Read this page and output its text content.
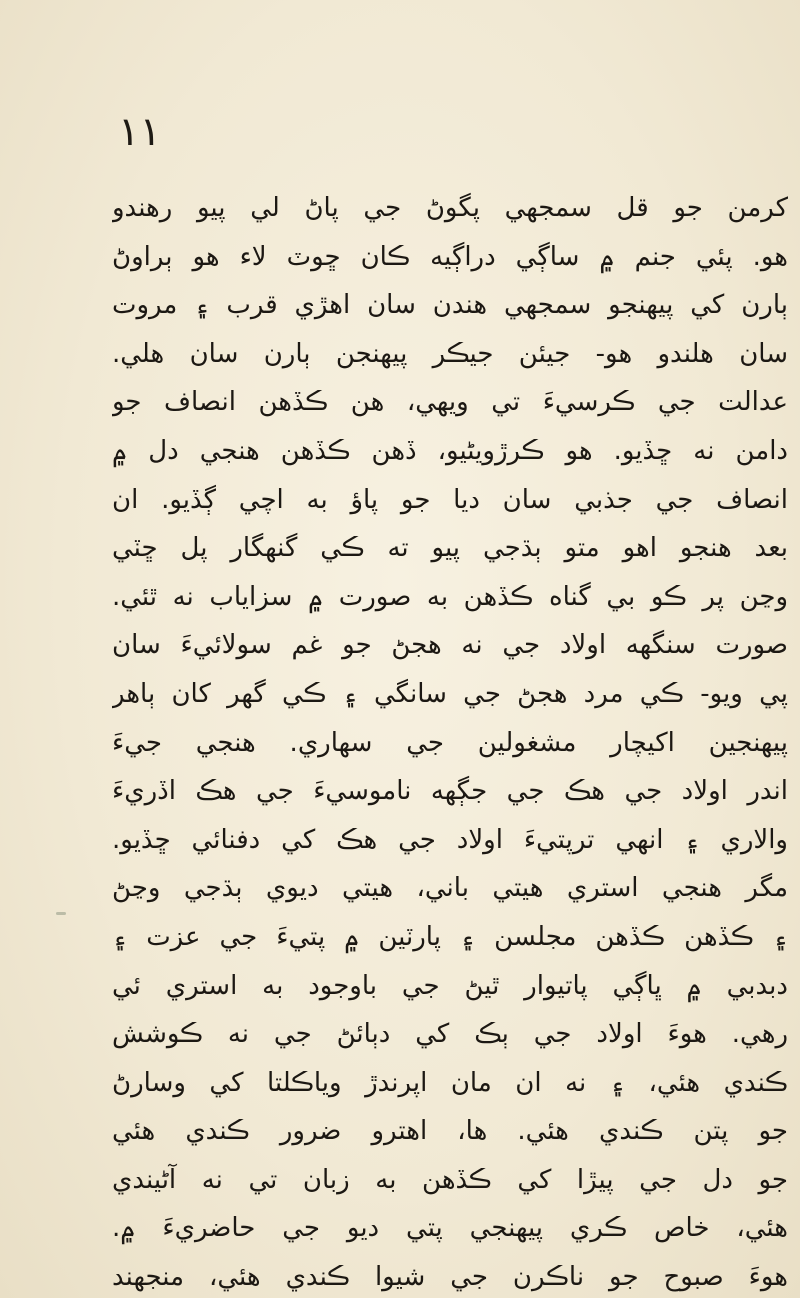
۱۱
کرمن جو قل سمجهي پگوڻ جي پاڻ لي پيو رهندو
هو. پئي جنم ۾ ساڳي دراڳيه ڪان ڇوٽ لاء هو ٻراوڻ
ٻارن کي پيهنجو سمجهي هندن سان اهڙي قرب ۽ مروت
سان هلندو هو- جيئن جيڪر پيهنجن ٻارن سان هلي.
عدالت جي ڪرسيءَ تي ويهي، هن ڪڏهن انصاف جو
دامن نه ڇڏيو. هو ڪرڙويڻيو، ڏهن ڪڏهن هنجي دل ۾
انصاف جي جذبي سان ديا جو پاؤ به اچي ڳڏيو. ان
بعد هنجو اهو متو ٻڌجي پيو ته ڪي گنهگار پل ڇٽي
وڃن پر ڪو بي گناه ڪڏهن به صورت ۾ سزاياب نه ٿئي.
صورت سنگهه اولاد جي نه هجڻ جو غم سولائيءَ سان
پي ويو- ڪي مرد هجڻ جي سانگي ۽ ڪي گهر کان ٻاهر
پيهنجين اکيچار مشغولين جي سهاري. هنجي جيءَ
اندر اولاد جي هڪ جي جڳهه ناموسيءَ جي هڪ اڏريءَ
والاري ۽ انهي ترپتيءَ اولاد جي هڪ کي دفنائي ڇڏيو.
مگر هنجي استري هيتي باني، هيتي ديوي ٻڌجي وڃڻ
۽ ڪڏهن ڪڏهن مجلسن ۽ پارٽين ۾ پتيءَ جي عزت ۽
دبدبي ۾ ڀاڳي پاتيوار ٿيڻ جي باوجود به استري ئي
رهي. هوءَ اولاد جي ٻڪ کي دٻائڻ جي نه ڪوشش
ڪندي هئي، ۽ نه ان مان اپرندڙ وياڪلتا کي وسارڻ
جو پتن ڪندي هئي. ها، اهترو ضرور ڪندي هئي
جو دل جي پيڙا کي ڪڏهن به زبان تي نه آڻيندي
هئي، خاص ڪري پيهنجي پتي ديو جي حاضريءَ ۾.
هوءَ صبوح جو ناڪرن جي شيوا ڪندي هئي، منجهند
